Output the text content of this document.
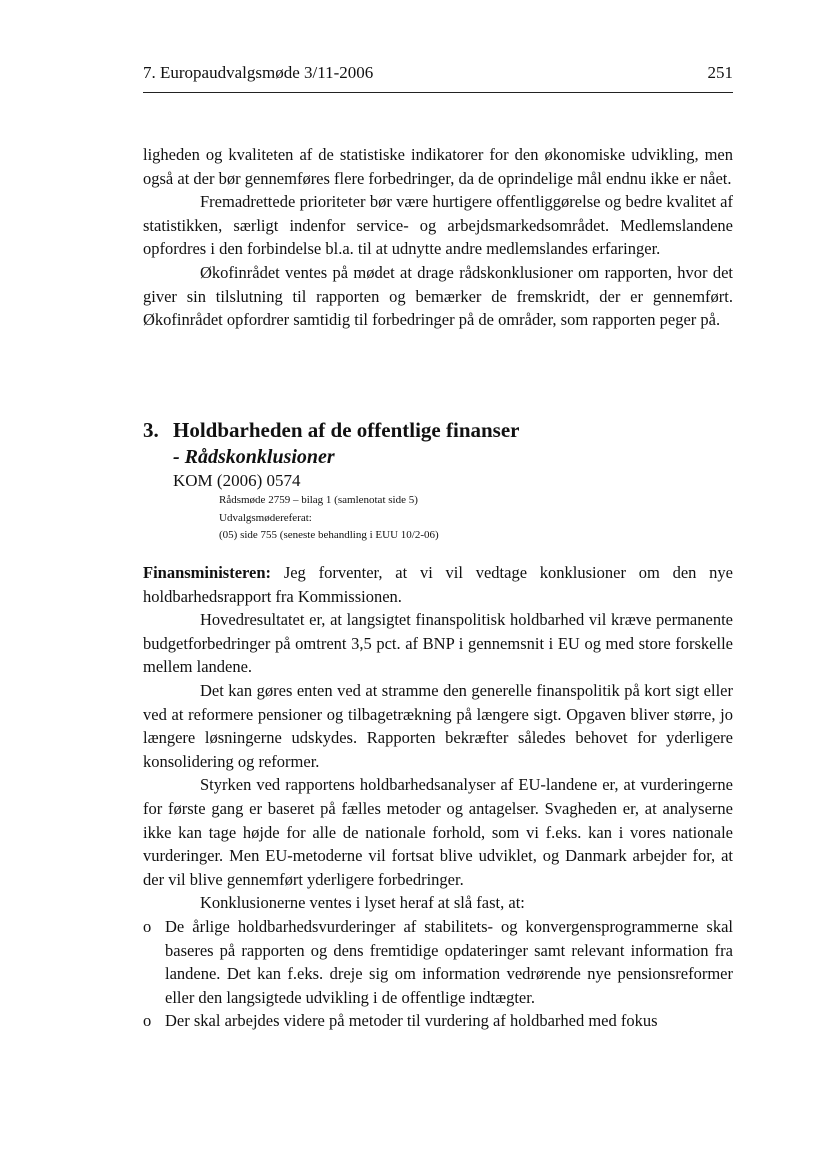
7. Europaudvalgsmøde 3/11-2006	251

ligheden og kvaliteten af de statistiske indikatorer for den økonomiske udvikling, men også at der bør gennemføres flere forbedringer, da de oprindelige mål endnu ikke er nået.

Fremadrettede prioriteter bør være hurtigere offentliggørelse og bedre kvalitet af statistikken, særligt indenfor service- og arbejdsmarkedsområdet. Medlemslandene opfordres i den forbindelse bl.a. til at udnytte andre medlemslandes erfaringer.

Økofinrådet ventes på mødet at drage rådskonklusioner om rapporten, hvor det giver sin tilslutning til rapporten og bemærker de fremskridt, der er gennemført. Økofinrådet opfordrer samtidig til forbedringer på de områder, som rapporten peger på.

3. Holdbarheden af de offentlige finanser
- Rådskonklusioner
KOM (2006) 0574
Rådsmøde 2759 – bilag 1 (samlenotat side 5)
Udvalgsmødereferat:
(05) side 755 (seneste behandling i EUU 10/2-06)

Finansministeren: Jeg forventer, at vi vil vedtage konklusioner om den nye holdbarhedsrapport fra Kommissionen.

Hovedresultatet er, at langsigtet finanspolitisk holdbarhed vil kræve permanente budgetforbedringer på omtrent 3,5 pct. af BNP i gennemsnit i EU og med store forskelle mellem landene.

Det kan gøres enten ved at stramme den generelle finanspolitik på kort sigt eller ved at reformere pensioner og tilbagetrækning på længere sigt. Opgaven bliver større, jo længere løsningerne udskydes. Rapporten bekræfter således behovet for yderligere konsolidering og reformer.

Styrken ved rapportens holdbarhedsanalyser af EU-landene er, at vurderingerne for første gang er baseret på fælles metoder og antagelser. Svagheden er, at analyserne ikke kan tage højde for alle de nationale forhold, som vi f.eks. kan i vores nationale vurderinger. Men EU-metoderne vil fortsat blive udviklet, og Danmark arbejder for, at der vil blive gennemført yderligere forbedringer.

Konklusionerne ventes i lyset heraf at slå fast, at:

o De årlige holdbarhedsvurderinger af stabilitets- og konvergensprogrammerne skal baseres på rapporten og dens fremtidige opdateringer samt relevant information fra landene. Det kan f.eks. dreje sig om information vedrørende nye pensionsreformer eller den langsigtede udvikling i de offentlige indtægter.
o Der skal arbejdes videre på metoder til vurdering af holdbarhed med fokus
